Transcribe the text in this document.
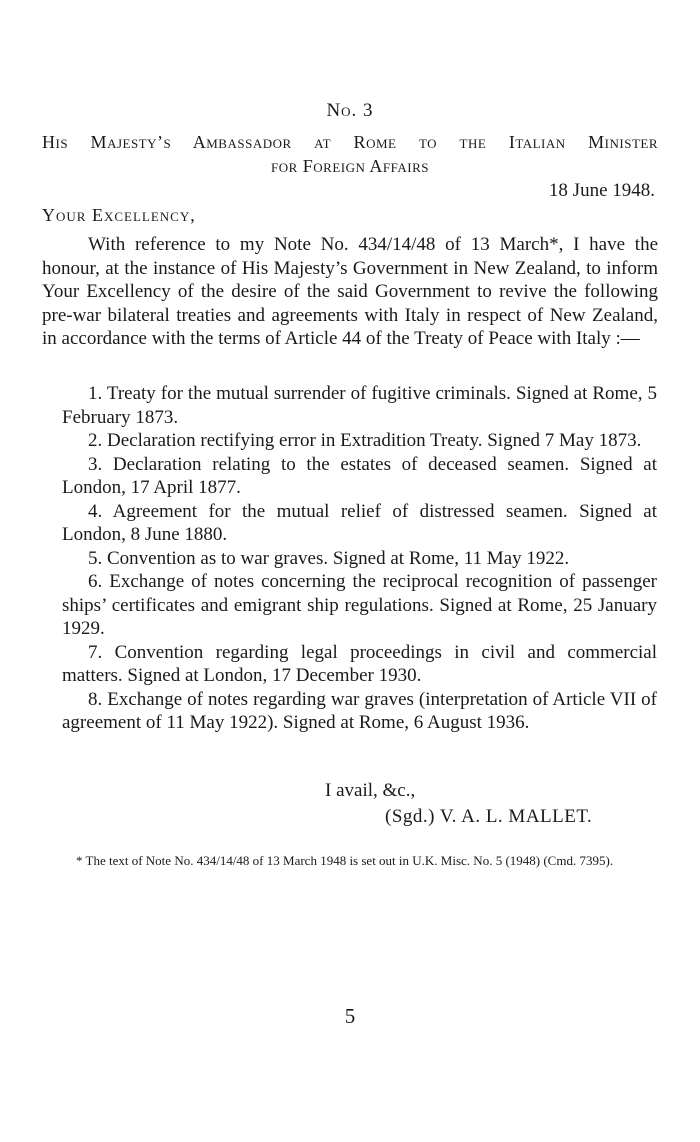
No. 3
His Majesty’s Ambassador at Rome to the Italian Minister
for Foreign Affairs
18 June 1948.
Your Excellency,

With reference to my Note No. 434/14/48 of 13 March*, I have the honour, at the instance of His Majesty’s Government in New Zealand, to inform Your Excellency of the desire of the said Government to revive the following pre-war bilateral treaties and agreements with Italy in respect of New Zealand, in accordance with the terms of Article 44 of the Treaty of Peace with Italy :—

1. Treaty for the mutual surrender of fugitive criminals. Signed at Rome, 5 February 1873.
2. Declaration rectifying error in Extradition Treaty. Signed 7 May 1873.
3. Declaration relating to the estates of deceased seamen. Signed at London, 17 April 1877.
4. Agreement for the mutual relief of distressed seamen. Signed at London, 8 June 1880.
5. Convention as to war graves. Signed at Rome, 11 May 1922.
6. Exchange of notes concerning the reciprocal recognition of passenger ships’ certificates and emigrant ship regulations. Signed at Rome, 25 January 1929.
7. Convention regarding legal proceedings in civil and commercial matters. Signed at London, 17 December 1930.
8. Exchange of notes regarding war graves (interpretation of Article VII of agreement of 11 May 1922). Signed at Rome, 6 August 1936.
I avail, &c.,
(Sgd.) V. A. L. MALLET.

* The text of Note No. 434/14/48 of 13 March 1948 is set out in U.K. Misc. No. 5 (1948) (Cmd. 7395).

5
